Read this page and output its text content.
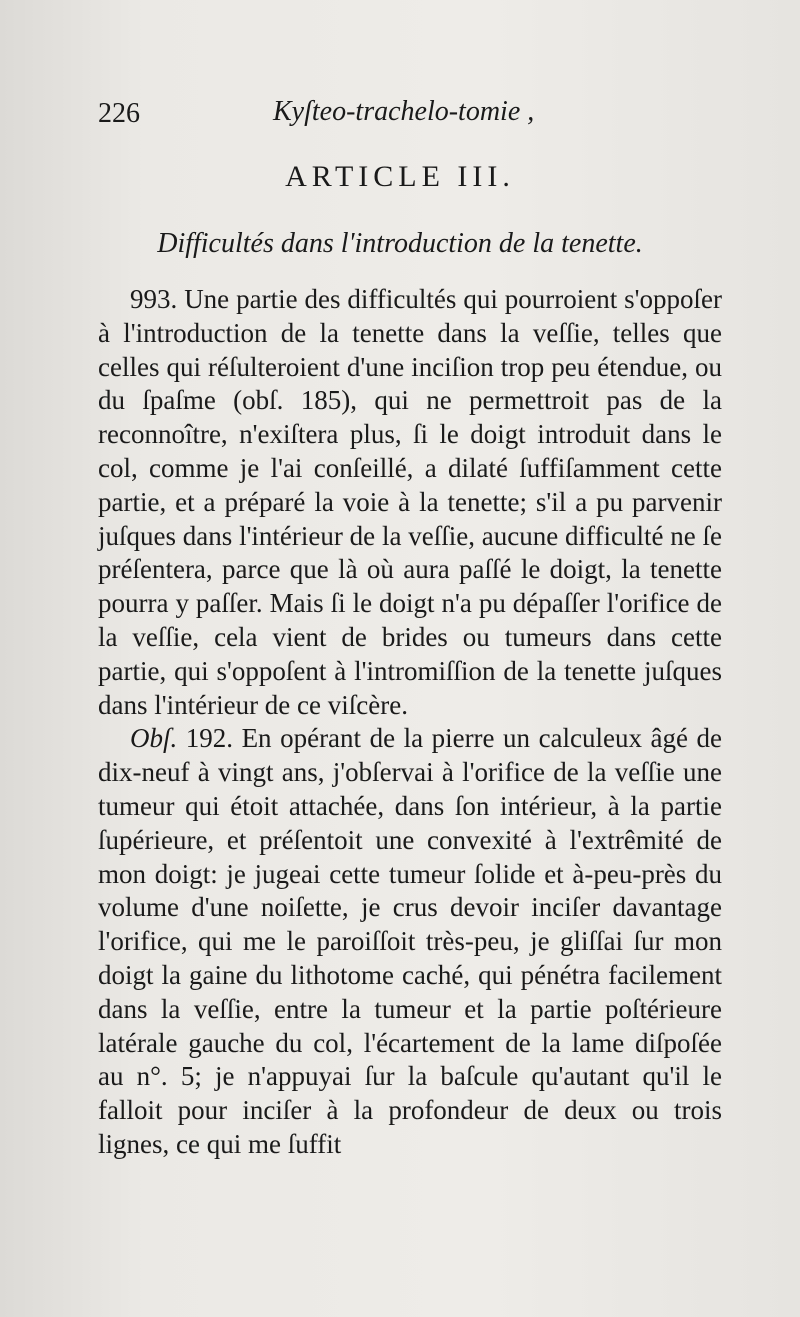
226	Kyſteo-trachelo-tomie ,
ARTICLE III.
Difficultés dans l'introduction de la tenette.

993. Une partie des difficultés qui pourroient s'oppoſer à l'introduction de la tenette dans la veſſie, telles que celles qui réſulteroient d'une inciſion trop peu étendue, ou du ſpaſme (obſ. 185), qui ne permettroit pas de la reconnoître, n'exiſtera plus, ſi le doigt introduit dans le col, comme je l'ai conſeillé, a dilaté ſuffiſamment cette partie, et a préparé la voie à la tenette; s'il a pu parvenir juſques dans l'intérieur de la veſſie, aucune difficulté ne ſe préſentera, parce que là où aura paſſé le doigt, la tenette pourra y paſſer. Mais ſi le doigt n'a pu dépaſſer l'orifice de la veſſie, cela vient de brides ou tumeurs dans cette partie, qui s'oppoſent à l'intromiſſion de la tenette juſques dans l'intérieur de ce viſcère.

Obſ. 192. En opérant de la pierre un calculeux âgé de dix-neuf à vingt ans, j'obſervai à l'orifice de la veſſie une tumeur qui étoit attachée, dans ſon intérieur, à la partie ſupérieure, et préſentoit une convexité à l'extrêmité de mon doigt: je jugeai cette tumeur ſolide et à-peu-près du volume d'une noiſette, je crus devoir inciſer davantage l'orifice, qui me le paroiſſoit très-peu, je gliſſai ſur mon doigt la gaine du lithotome caché, qui pénétra facilement dans la veſſie, entre la tumeur et la partie poſtérieure latérale gauche du col, l'écartement de la lame diſpoſée au n°. 5; je n'appuyai ſur la baſcule qu'autant qu'il le falloit pour inciſer à la profondeur de deux ou trois lignes, ce qui me ſuffit
